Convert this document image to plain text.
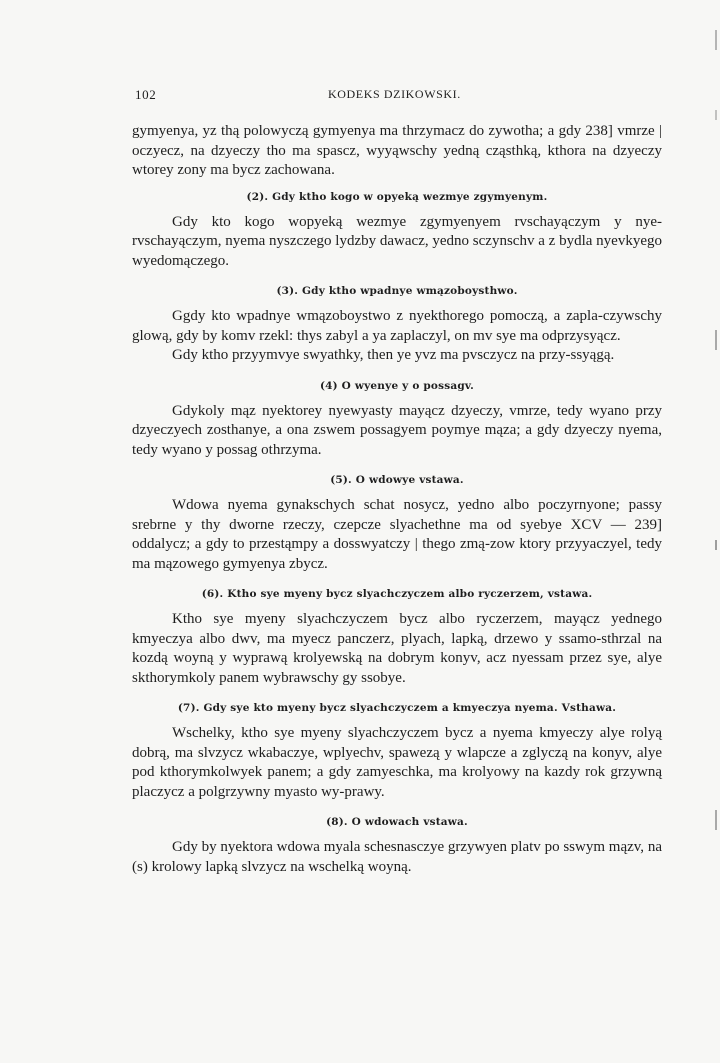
102	KODEKS DZIKOWSKI.

gymyenya, yz thą polowyczą gymyenya ma thrzymacz do zywotha; a gdy 238] vmrze | oczyecz, na dzyeczy tho ma spascz, wyyąwschy yedną cząsthką, kthora na dzyeczy wtorey zony ma bycz zachowana.

(2). Gdy ktho kogo w opyeką wezmye zgymyenym.

Gdy kto kogo wopyeką wezmye zgymyenyem rvschayączym y nye-rvschayączym, nyema nyszczego lydzby dawacz, yedno sczynschv a z bydla nyevkyego wyedomączego.

(3). Gdy ktho wpadnye wmązoboysthwo.

Ggdy kto wpadnye wmązoboystwo z nyekthorego pomoczą, a zapla-czywschy glową, gdy by komv rzekl: thys zabyl a ya zaplaczyl, on mv sye ma odprzysyącz.

Gdy ktho przyymvye swyathky, then ye yvz ma pvsczycz na przy-ssyągą.

(4) O wyenye y o possagv.

Gdykoly mąz nyektorey nyewyasty mayącz dzyeczy, vmrze, tedy wyano przy dzyeczyech zosthanye, a ona zswem possagyem poymye mąza; a gdy dzyeczy nyema, tedy wyano y possag othrzyma.

(5). O wdowye vstawa.

Wdowa nyema gynakschych schat nosycz, yedno albo poczyrnyone; passy srebrne y thy dworne rzeczy, czepcze slyachethne ma od syebye XCV — 239] oddalycz; a gdy to przestąmpy a dosswyatczy | thego zmą-zow ktory przyyaczyel, tedy ma mązowego gymyenya zbycz.

(6). Ktho sye myeny bycz slyachczyczem albo ryczerzem, vstawa.

Ktho sye myeny slyachczyczem bycz albo ryczerzem, mayącz yednego kmyeczya albo dwv, ma myecz panczerz, plyach, lapką, drzewo y ssamo-sthrzal na kozdą woyną y wyprawą krolyewską na dobrym konyv, acz nyessam przez sye, alye skthorymkoly panem wybrawschy gy ssobye.

(7). Gdy sye kto myeny bycz slyachczyczem a kmyeczya nyema. Vsthawa.

Wschelky, ktho sye myeny slyachczyczem bycz a nyema kmyeczy alye rolyą dobrą, ma slvzycz wkabaczye, wplyechv, spawezą y wlapcze a zglyczą na konyv, alye pod kthorymkolwyek panem; a gdy zamyeschka, ma krolyowy na kazdy rok grzywną placzycz a polgrzywny myasto wy-prawy.

(8). O wdowach vstawa.

Gdy by nyektora wdowa myala schesnasczye grzywyen platv po sswym mązv, na (s) krolowy lapką slvzycz na wschelką woyną.
